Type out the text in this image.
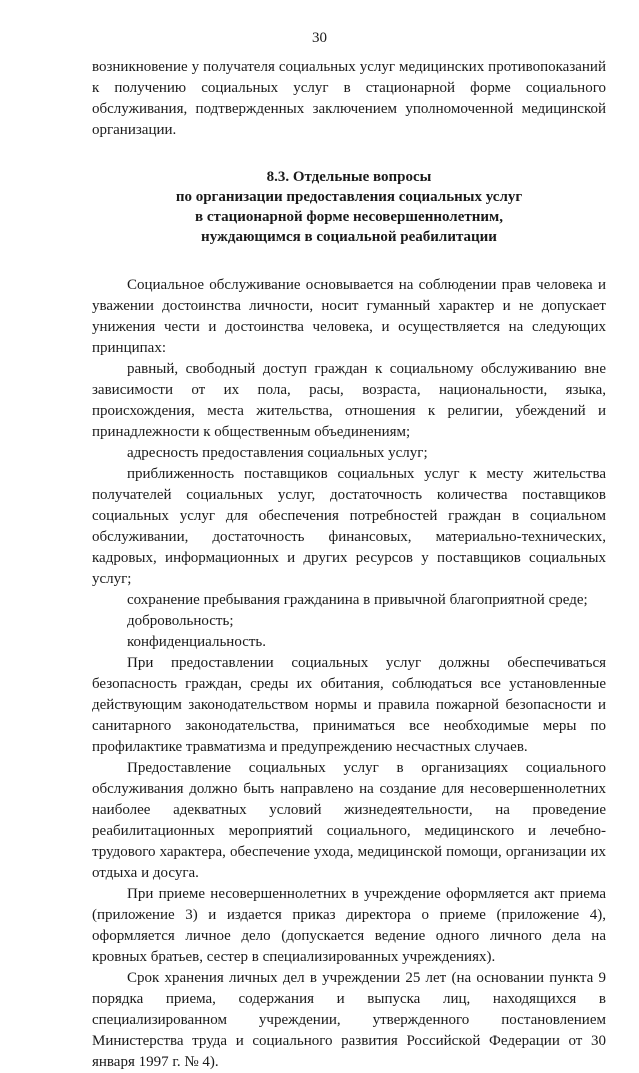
30

возникновение у получателя социальных услуг медицинских противопоказаний к получению социальных услуг в стационарной форме социального обслуживания, подтвержденных заключением уполномоченной медицинской организации.

8.3. Отдельные вопросы
по организации предоставления социальных услуг
в стационарной форме несовершеннолетним,
нуждающимся в социальной реабилитации

Социальное обслуживание основывается на соблюдении прав человека и уважении достоинства личности, носит гуманный характер и не допускает унижения чести и достоинства человека, и осуществляется на следующих принципах:

равный, свободный доступ граждан к социальному обслуживанию вне зависимости от их пола, расы, возраста, национальности, языка, происхождения, места жительства, отношения к религии, убеждений и принадлежности к общественным объединениям;

адресность предоставления социальных услуг;

приближенность поставщиков социальных услуг к месту жительства получателей социальных услуг, достаточность количества поставщиков социальных услуг для обеспечения потребностей граждан в социальном обслуживании, достаточность финансовых, материально-технических, кадровых, информационных и других ресурсов у поставщиков социальных услуг;

сохранение пребывания гражданина в привычной благоприятной среде;

добровольность;

конфиденциальность.

При предоставлении социальных услуг должны обеспечиваться безопасность граждан, среды их обитания, соблюдаться все установленные действующим законодательством нормы и правила пожарной безопасности и санитарного законодательства, приниматься все необходимые меры по профилактике травматизма и предупреждению несчастных случаев.

Предоставление социальных услуг в организациях социального обслуживания должно быть направлено на создание для несовершеннолетних наиболее адекватных условий жизнедеятельности, на проведение реабилитационных мероприятий социального, медицинского и лечебно-трудового характера, обеспечение ухода, медицинской помощи, организации их отдыха и досуга.

При приеме несовершеннолетних в учреждение оформляется акт приема (приложение 3) и издается приказ директора о приеме (приложение 4), оформляется личное дело (допускается ведение одного личного дела на кровных братьев, сестер в специализированных учреждениях).

Срок хранения личных дел в учреждении 25 лет (на основании пункта 9 порядка приема, содержания и выпуска лиц, находящихся в специализированном учреждении, утвержденного постановлением Министерства труда и социального развития Российской Федерации от 30 января 1997 г. № 4).
